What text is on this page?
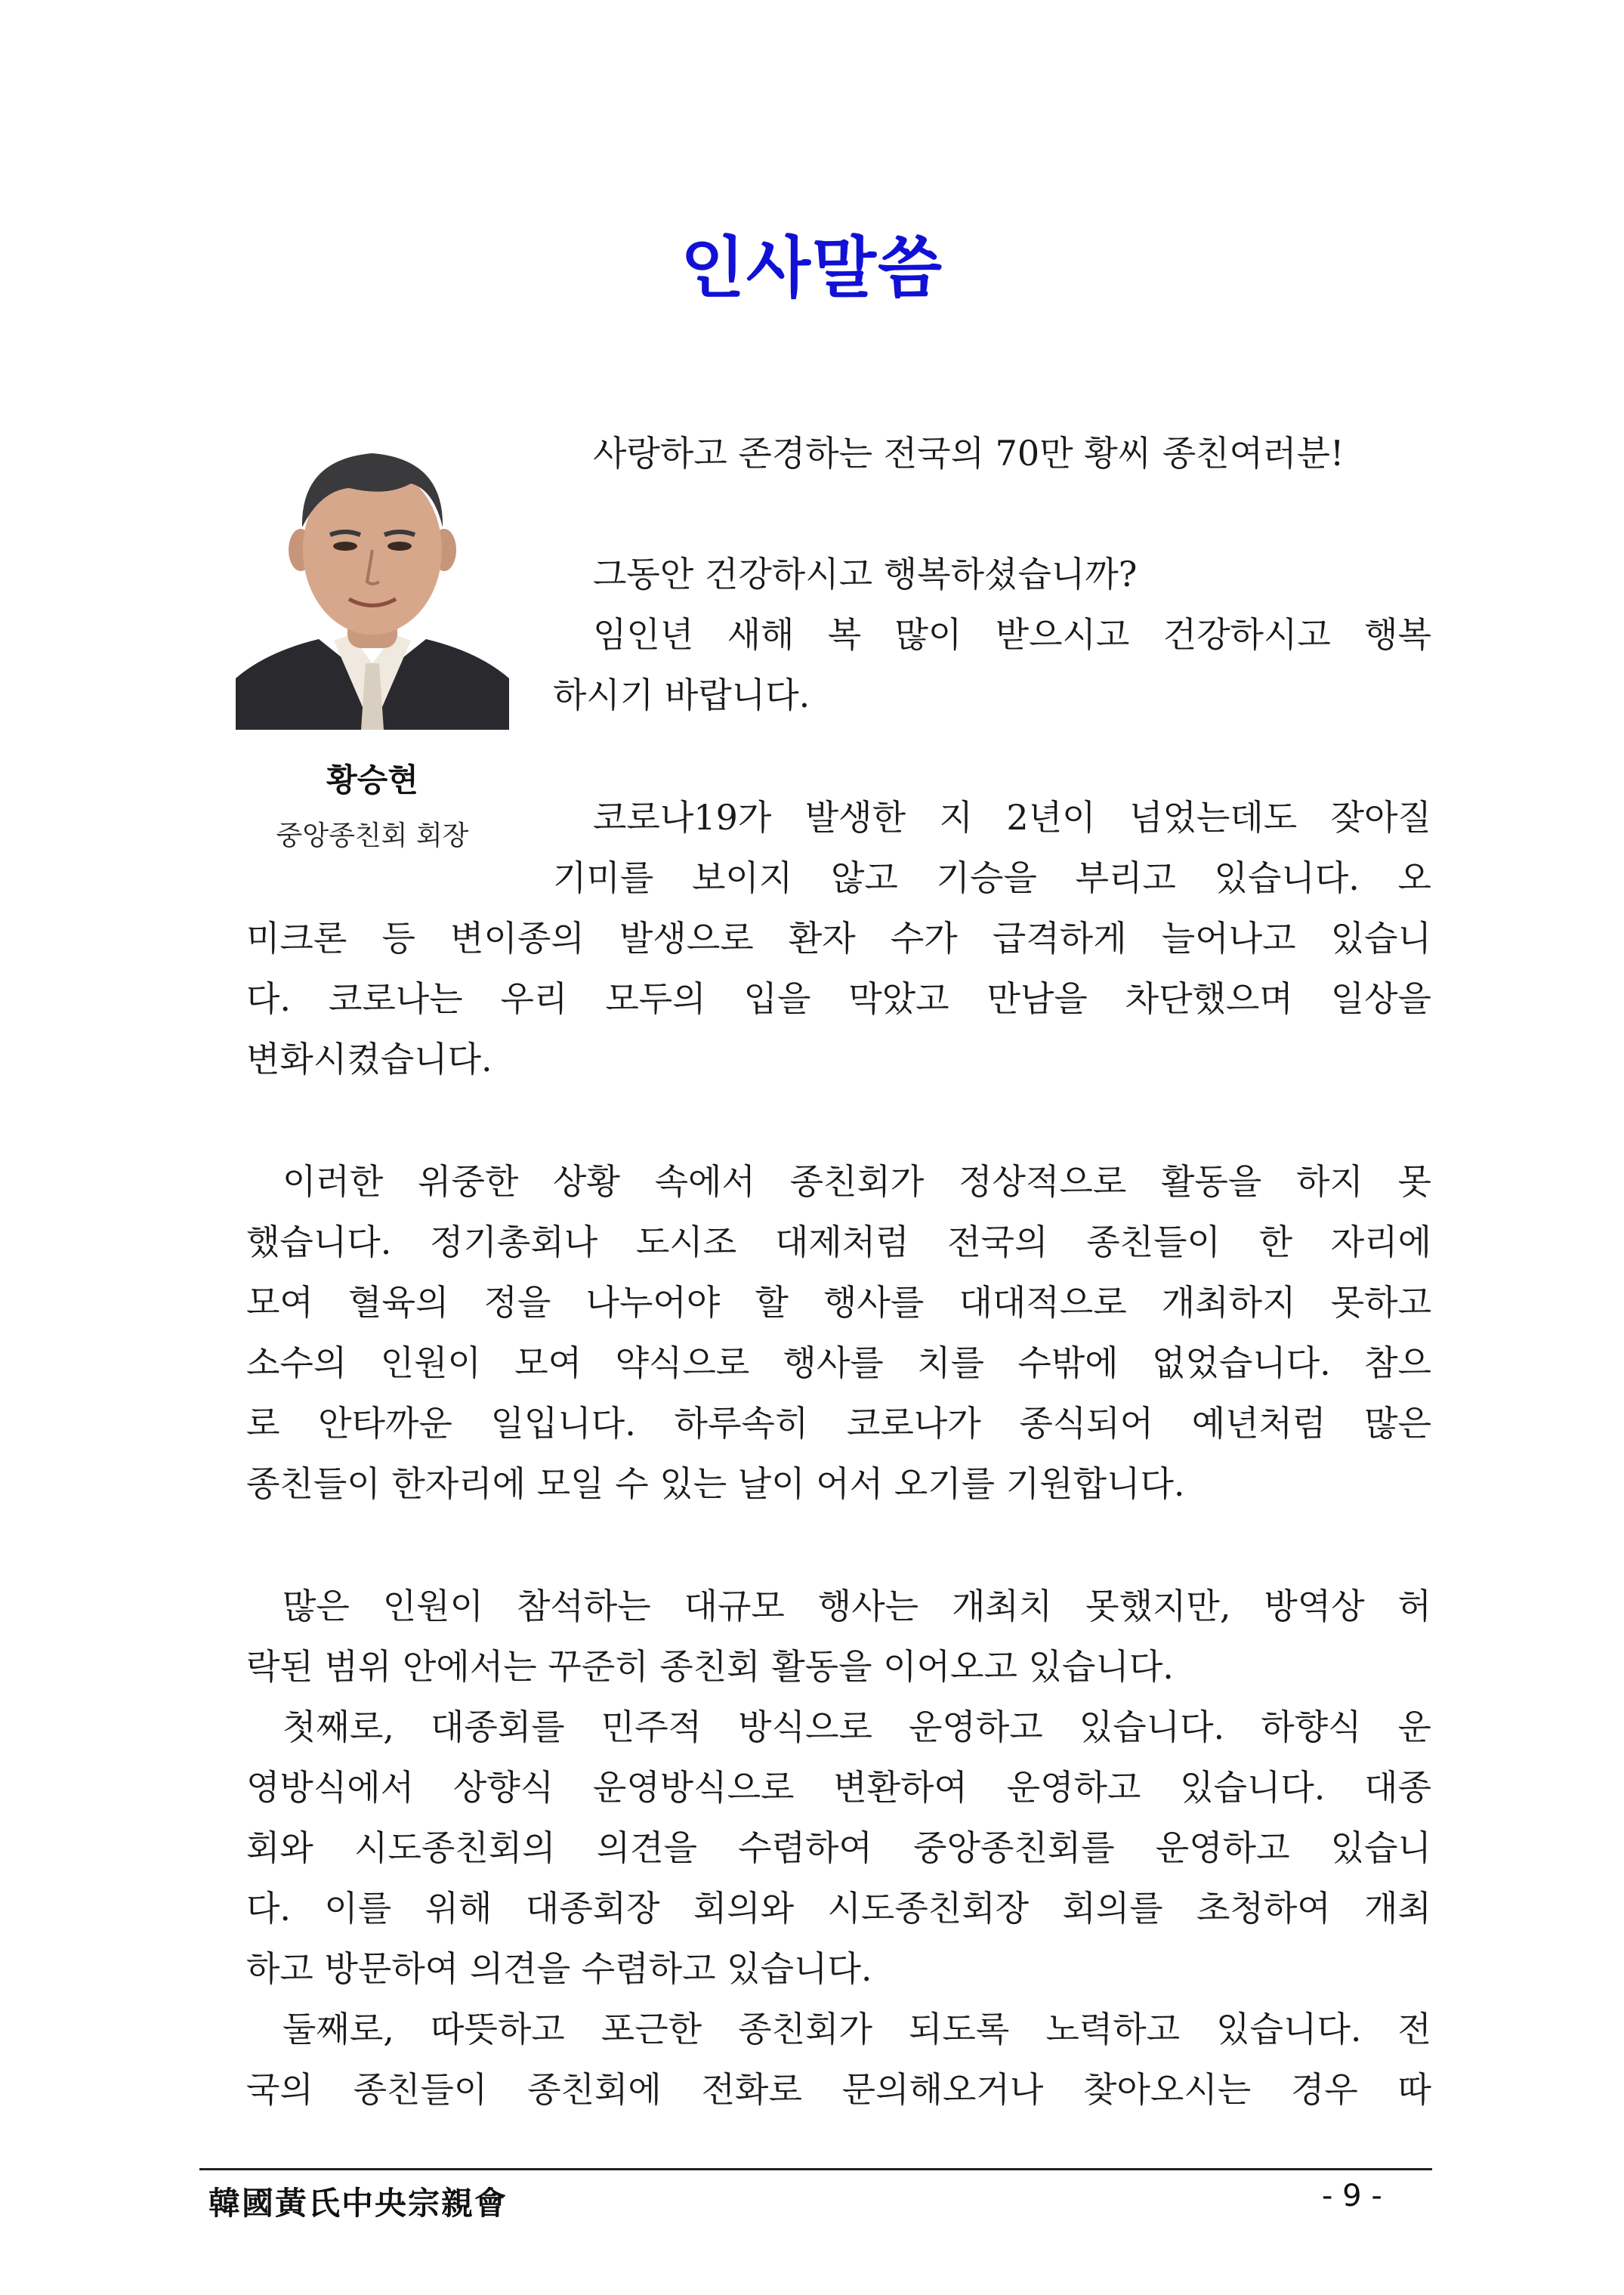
인사말씀
황승현
중앙종친회 회장
사랑하고 존경하는 전국의 70만 황씨 종친여러분!
그동안 건강하시고 행복하셨습니까?
임인년 새해 복 많이 받으시고 건강하시고 행복
하시기 바랍니다.
코로나19가 발생한 지 2년이 넘었는데도 잦아질
기미를 보이지 않고 기승을 부리고 있습니다. 오
미크론 등 변이종의 발생으로 환자 수가 급격하게 늘어나고 있습니
다. 코로나는 우리 모두의 입을 막았고 만남을 차단했으며 일상을
변화시켰습니다.
이러한 위중한 상황 속에서 종친회가 정상적으로 활동을 하지 못
했습니다. 정기총회나 도시조 대제처럼 전국의 종친들이 한 자리에
모여 혈육의 정을 나누어야 할 행사를 대대적으로 개최하지 못하고
소수의 인원이 모여 약식으로 행사를 치를 수밖에 없었습니다. 참으
로 안타까운 일입니다. 하루속히 코로나가 종식되어 예년처럼 많은
종친들이 한자리에 모일 수 있는 날이 어서 오기를 기원합니다.
많은 인원이 참석하는 대규모 행사는 개최치 못했지만, 방역상 허
락된 범위 안에서는 꾸준히 종친회 활동을 이어오고 있습니다.
첫째로, 대종회를 민주적 방식으로 운영하고 있습니다. 하향식 운
영방식에서 상향식 운영방식으로 변환하여 운영하고 있습니다. 대종
회와 시도종친회의 의견을 수렴하여 중앙종친회를 운영하고 있습니
다. 이를 위해 대종회장 회의와 시도종친회장 회의를 초청하여 개최
하고 방문하여 의견을 수렴하고 있습니다.
둘째로, 따뜻하고 포근한 종친회가 되도록 노력하고 있습니다. 전
국의 종친들이 종친회에 전화로 문의해오거나 찾아오시는 경우 따
韓國黃氏中央宗親會	- 9 -
